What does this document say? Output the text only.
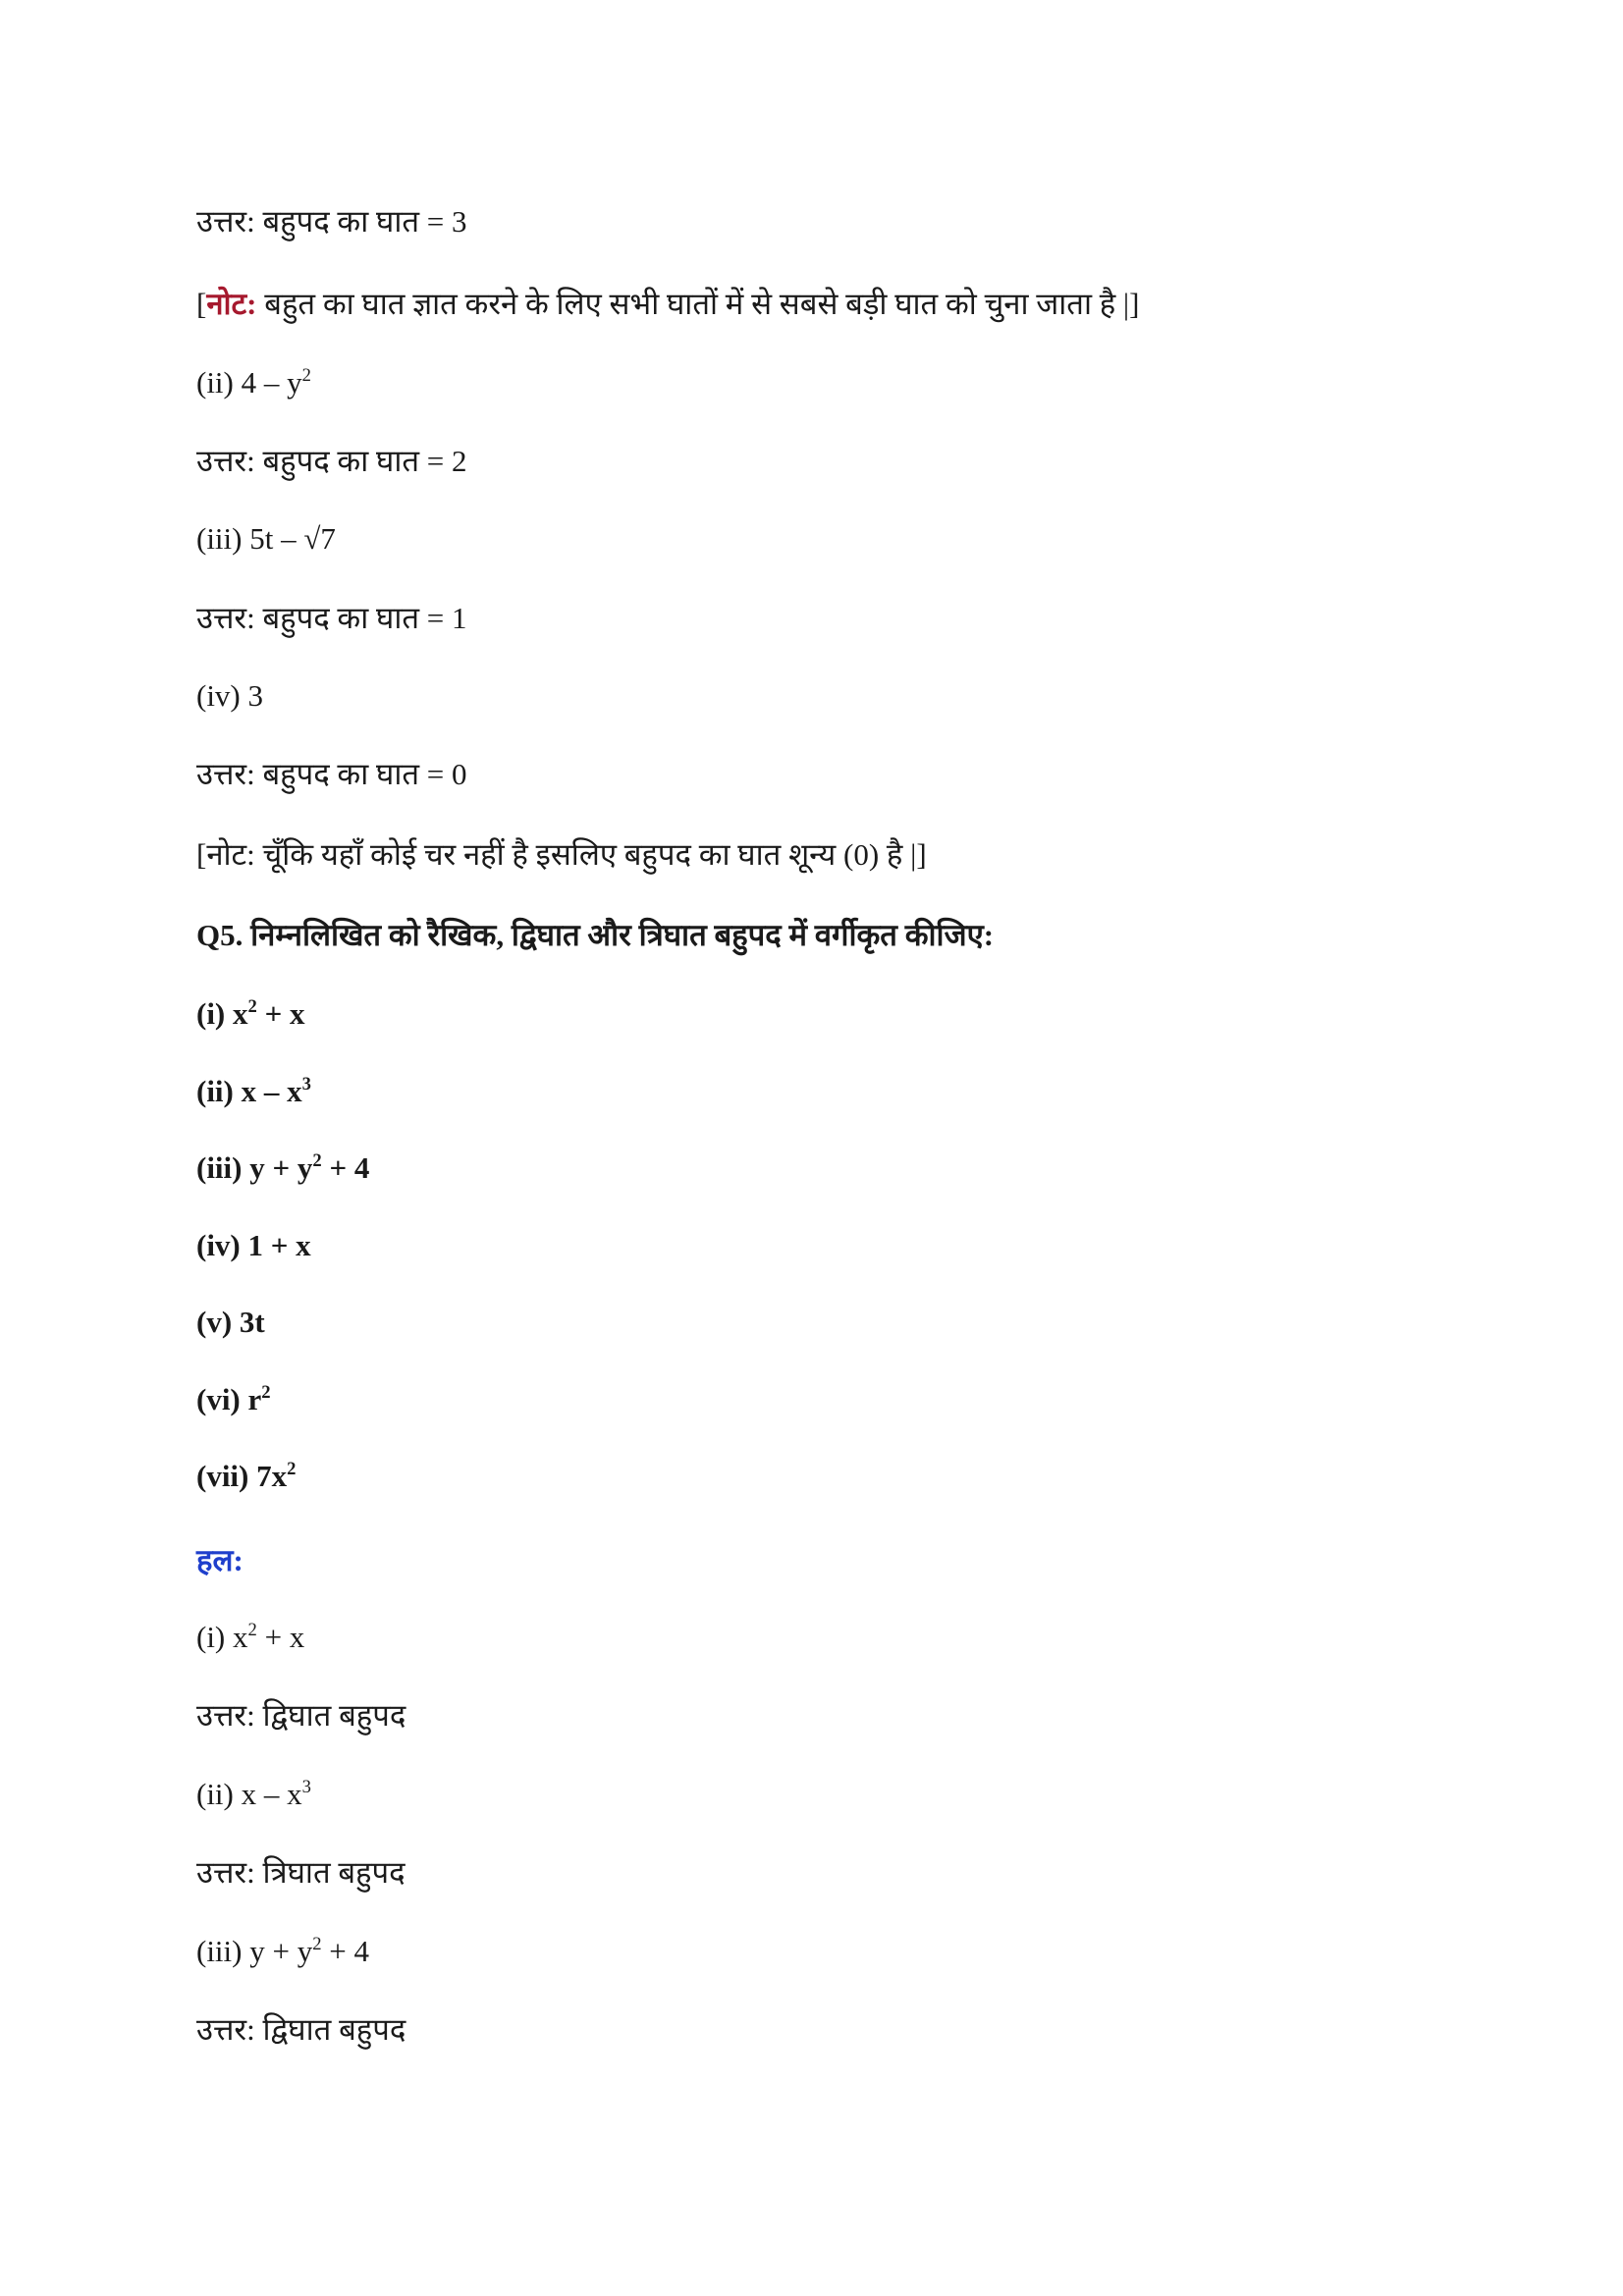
उत्तर: बहुपद का घात = 3
[नोट: बहुत का घात ज्ञात करने के लिए सभी घातों में से सबसे बड़ी घात को चुना जाता है |]
(ii) $4 - y^2$
उत्तर: बहुपद का घात = 2
(iii) 5t – √7
उत्तर: बहुपद का घात = 1
(iv) 3
उत्तर: बहुपद का घात = 0
[नोट: चूँकि यहाँ कोई चर नहीं है इसलिए बहुपद का घात शून्य (0) है |]
Q5. निम्नलिखित को रैखिक, द्विघात और त्रिघात बहुपद में वर्गीकृत कीजिए:
(i) $x^2 + x$
(ii) x – $x^3$
(iii) $y + y^2 + 4$
(iv) 1 + x
(v) 3t
(vi) $r^2$
(vii) $7x^2$
हल:
(i) $x^2 + x$
उत्तर: द्विघात बहुपद
(ii) x – $x^3$
उत्तर: त्रिघात बहुपद
(iii) $y + y^2 + 4$
उत्तर: द्विघात बहुपद
